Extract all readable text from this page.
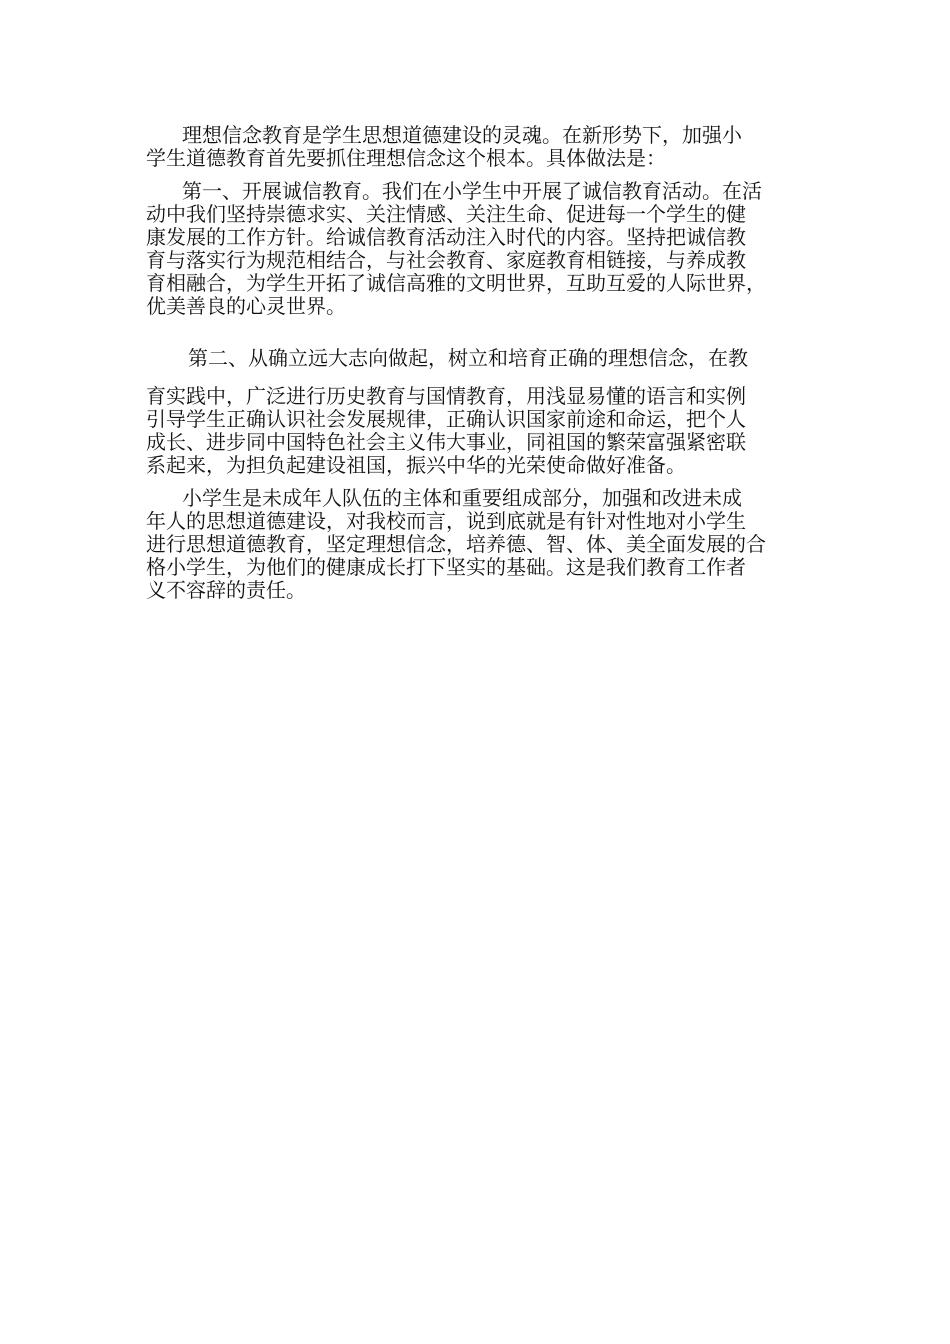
理想信念教育是学生思想道德建设的灵魂。在新形势下，加强小
学生道德教育首先要抓住理想信念这个根本。具体做法是：

第一、开展诚信教育。我们在小学生中开展了诚信教育活动。在活
动中我们坚持崇德求实、关注情感、关注生命、促进每一个学生的健
康发展的工作方针。给诚信教育活动注入时代的内容。坚持把诚信教
育与落实行为规范相结合，与社会教育、家庭教育相链接，与养成教
育相融合，为学生开拓了诚信高雅的文明世界，互助互爱的人际世界，
优美善良的心灵世界。

第二、从确立远大志向做起，树立和培育正确的理想信念，在教
育实践中，广泛进行历史教育与国情教育，用浅显易懂的语言和实例
引导学生正确认识社会发展规律，正确认识国家前途和命运，把个人
成长、进步同中国特色社会主义伟大事业，同祖国的繁荣富强紧密联
系起来，为担负起建设祖国，振兴中华的光荣使命做好准备。

小学生是未成年人队伍的主体和重要组成部分，加强和改进未成
年人的思想道德建设，对我校而言，说到底就是有针对性地对小学生
进行思想道德教育，坚定理想信念，培养德、智、体、美全面发展的合
格小学生，为他们的健康成长打下坚实的基础。这是我们教育工作者
义不容辞的责任。
